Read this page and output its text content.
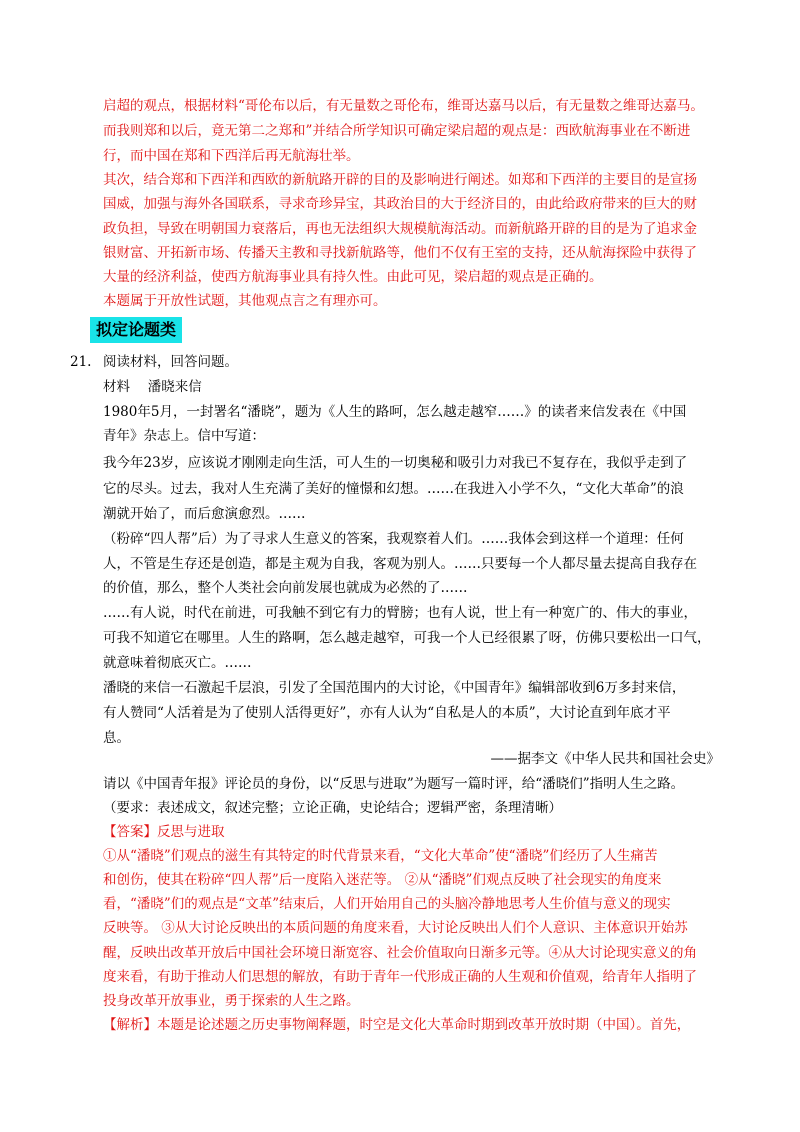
启超的观点，根据材料“哥伦布以后，有无量数之哥伦布，维哥达嘉马以后，有无量数之维哥达嘉马。
而我则郑和以后，竟无第二之郑和”并结合所学知识可确定梁启超的观点是：西欧航海事业在不断进
行，而中国在郑和下西洋后再无航海壮举。
其次，结合郑和下西洋和西欧的新航路开辟的目的及影响进行阐述。如郑和下西洋的主要目的是宣扬
国威，加强与海外各国联系，寻求奇珍异宝，其政治目的大于经济目的，由此给政府带来的巨大的财
政负担，导致在明朝国力衰落后，再也无法组织大规模航海活动。而新航路开辟的目的是为了追求金
银财富、开拓新市场、传播天主教和寻找新航路等，他们不仅有王室的支持，还从航海探险中获得了
大量的经济利益，使西方航海事业具有持久性。由此可见，梁启超的观点是正确的。
本题属于开放性试题，其他观点言之有理亦可。
拟定论题类
21. 阅读材料，回答问题。
材料　 潘晓来信
1980年5月，一封署名“潘晓”，题为《人生的路呵，怎么越走越窄……》的读者来信发表在《中国
青年》杂志上。信中写道：
我今年23岁，应该说才刚刚走向生活，可人生的一切奥秘和吸引力对我已不复存在，我似乎走到了
它的尽头。过去，我对人生充满了美好的憧憬和幻想。……在我进入小学不久，“文化大革命”的浪
潮就开始了，而后愈演愈烈。……
（粉碎“四人帮”后）为了寻求人生意义的答案，我观察着人们。……我体会到这样一个道理：任何
人，不管是生存还是创造，都是主观为自我，客观为别人。……只要每一个人都尽量去提高自我存在
的价值，那么，整个人类社会向前发展也就成为必然的了……
……有人说，时代在前进，可我触不到它有力的臂膀；也有人说，世上有一种宽广的、伟大的事业，
可我不知道它在哪里。人生的路啊，怎么越走越窄，可我一个人已经很累了呀，仿佛只要松出一口气，
就意味着彻底灭亡。……
潘晓的来信一石激起千层浪，引发了全国范围内的大讨论，《中国青年》编辑部收到6万多封来信，
有人赞同“人活着是为了使别人活得更好”，亦有人认为“自私是人的本质”，大讨论直到年底才平
息。
——据李文《中华人民共和国社会史》
请以《中国青年报》评论员的身份，以“反思与进取”为题写一篇时评，给“潘晓们”指明人生之路。
（要求：表述成文，叙述完整；立论正确，史论结合；逻辑严密，条理清晰）
【答案】反思与进取
①从“潘晓”们观点的滋生有其特定的时代背景来看，“文化大革命”使“潘晓”们经历了人生痛苦
和创伤，使其在粉碎“四人帮”后一度陷入迷茫等。 ②从“潘晓”们观点反映了社会现实的角度来
看，“潘晓”们的观点是“文革”结束后，人们开始用自己的头脑冷静地思考人生价值与意义的现实
反映等。 ③从大讨论反映出的本质问题的角度来看，大讨论反映出人们个人意识、主体意识开始苏
醒，反映出改革开放后中国社会环境日渐宽容、社会价值取向日渐多元等。④从大讨论现实意义的角
度来看，有助于推动人们思想的解放，有助于青年一代形成正确的人生观和价值观，给青年人指明了
投身改革开放事业，勇于探索的人生之路。
【解析】本题是论述题之历史事物阐释题，时空是文化大革命时期到改革开放时期（中国）。首先，
